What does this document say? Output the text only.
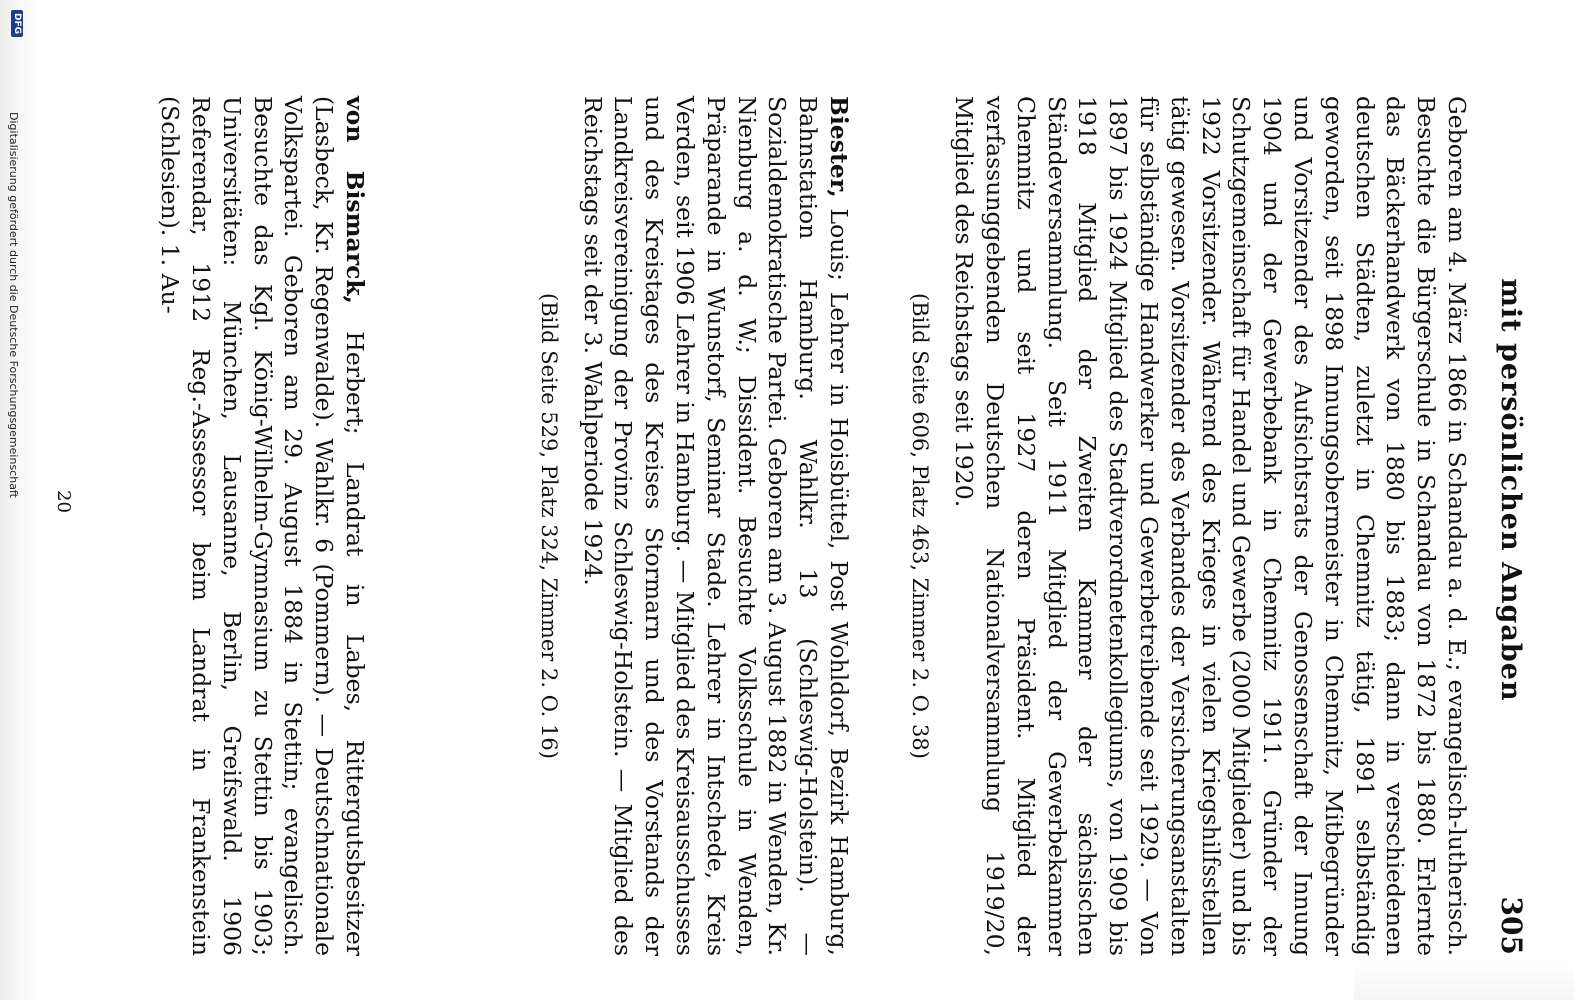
mit persönlichen Angaben
305

Geboren am 4. März 1866 in Schandau a. d. E.; evangelisch-lutherisch. Besuchte die Bürgerschule in Schandau von 1872 bis 1880. Erlernte das Bäckerhandwerk von 1880 bis 1883; dann in verschiedenen deutschen Städten, zuletzt in Chemnitz tätig, 1891 selbständig geworden, seit 1898 Innungsobermeister in Chemnitz, Mitbegründer und Vorsitzender des Aufsichtsrats der Genossenschaft der Innung 1904 und der Gewerbebank in Chemnitz 1911. Gründer der Schutzgemeinschaft für Handel und Gewerbe (2000 Mitglieder) und bis 1922 Vorsitzender. Während des Krieges in vielen Kriegshilfsstellen tätig gewesen. Vorsitzender des Verbandes der Versicherungsanstalten für selbständige Handwerker und Gewerbetreibende seit 1929. — Von 1897 bis 1924 Mitglied des Stadtverordnetenkollegiums, von 1909 bis 1918 Mitglied der Zweiten Kammer der sächsischen Ständeversammlung. Seit 1911 Mitglied der Gewerbekammer Chemnitz und seit 1927 deren Präsident. Mitglied der verfassunggebenden Deutschen Nationalversammlung 1919/20, Mitglied des Reichstags seit 1920.

(Bild Seite 606, Platz 463, Zimmer 2. O. 38)

Biester, Louis; Lehrer in Hoisbüttel, Post Wohldorf, Bezirk Hamburg, Bahnstation Hamburg. Wahlkr. 13 (Schleswig-Holstein). — Sozialdemokratische Partei. Geboren am 3. August 1882 in Wenden, Kr. Nienburg a. d. W.; Dissident. Besuchte Volksschule in Wenden, Präparande in Wunstorf, Seminar Stade. Lehrer in Intschede, Kreis Verden, seit 1906 Lehrer in Hamburg. — Mitglied des Kreisausschusses und des Kreistages des Kreises Stormarn und des Vorstands der Landkreisvereinigung der Provinz Schleswig-Holstein. — Mitglied des Reichstags seit der 3. Wahlperiode 1924.

(Bild Seite 529, Platz 324, Zimmer 2. O. 16)

von Bismarck, Herbert; Landrat in Labes, Rittergutsbesitzer (Lasbeck, Kr. Regenwalde). Wahlkr. 6 (Pommern). — Deutschnationale Volkspartei. Geboren am 29. August 1884 in Stettin; evangelisch. Besuchte das Kgl. König-Wilhelm-Gymnasium zu Stettin bis 1903; Universitäten: München, Lausanne, Berlin, Greifswald. 1906 Referendar, 1912 Reg.-Assessor beim Landrat in Frankenstein (Schlesien). 1. Au-

20
DFG
Digitalisierung gefördert durch die Deutsche Forschungsgemeinschaft
